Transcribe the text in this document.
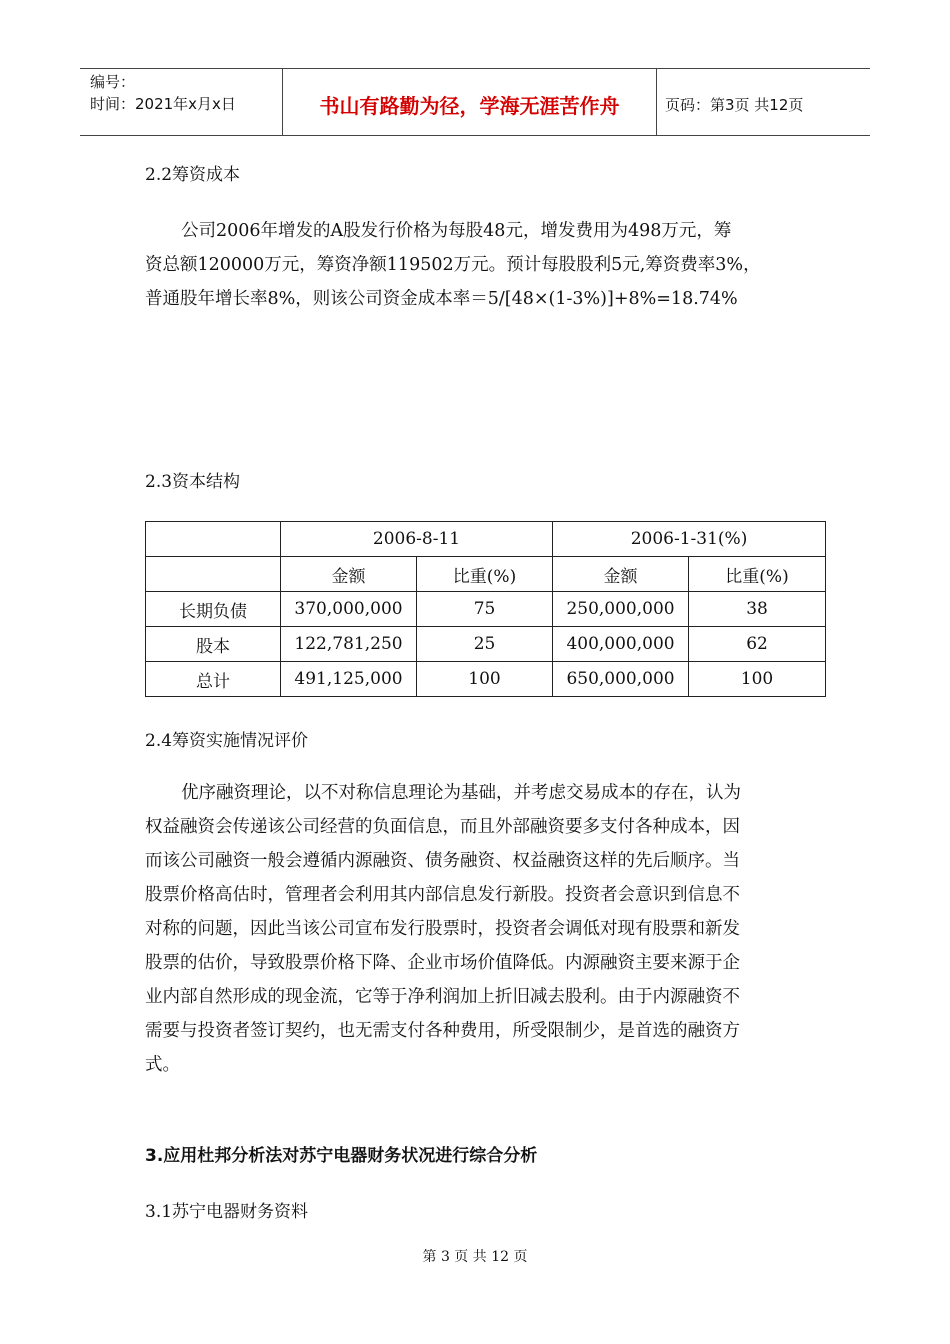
编号：
时间：2021年x月x日	书山有路勤为径，学海无涯苦作舟	页码：第3页 共12页
2.2筹资成本
公司2006年增发的A股发行价格为每股48元，增发费用为498万元，筹
资总额120000万元，筹资净额119502万元。预计每股股利5元,筹资费率3%，
普通股年增长率8%，则该公司资金成本率＝5/[48×(1-3%)]+8%=18.74%
2.3资本结构
	2006-8-11		2006-1-31(%)	
	金额	比重(%)	金额	比重(%)
长期负债	370,000,000	75	250,000,000	38
股本	122,781,250	25	400,000,000	62
总计	491,125,000	100	650,000,000	100
2.4筹资实施情况评价
优序融资理论，以不对称信息理论为基础，并考虑交易成本的存在，认为
权益融资会传递该公司经营的负面信息，而且外部融资要多支付各种成本，因
而该公司融资一般会遵循内源融资、债务融资、权益融资这样的先后顺序。当
股票价格高估时，管理者会利用其内部信息发行新股。投资者会意识到信息不
对称的问题，因此当该公司宣布发行股票时，投资者会调低对现有股票和新发
股票的估价，导致股票价格下降、企业市场价值降低。内源融资主要来源于企
业内部自然形成的现金流，它等于净利润加上折旧减去股利。由于内源融资不
需要与投资者签订契约，也无需支付各种费用，所受限制少，是首选的融资方
式。
3.应用杜邦分析法对苏宁电器财务状况进行综合分析
3.1苏宁电器财务资料
第 3 页 共 12 页
